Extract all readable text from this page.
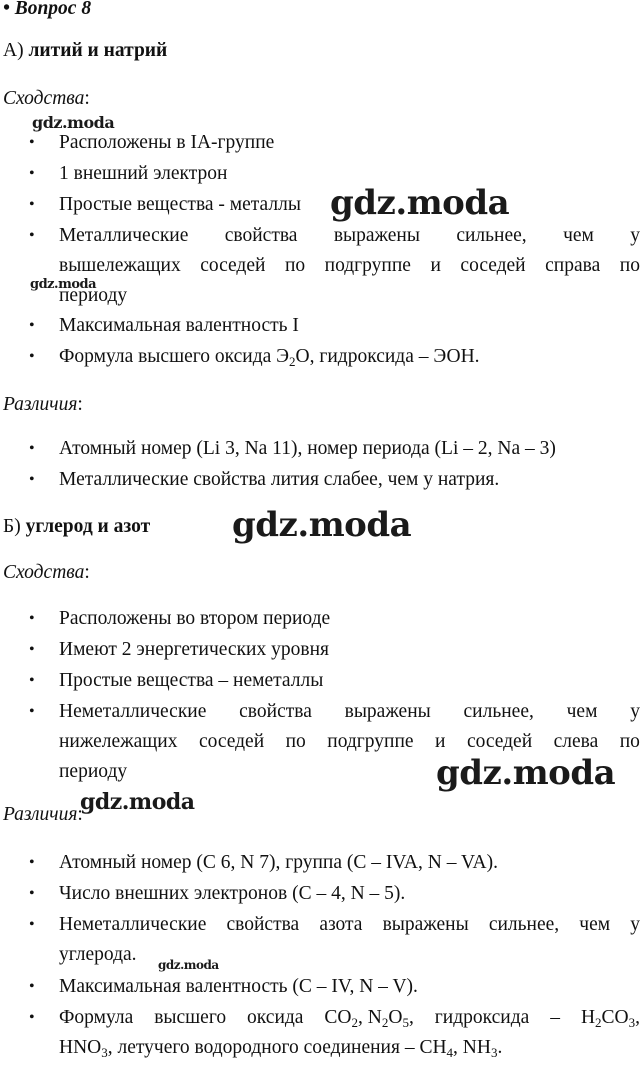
• Вопрос 8
А) литий и натрий
Сходства:
• Расположены в IA-группе
• 1 внешний электрон
• Простые вещества - металлы
• Металлические свойства выражены сильнее, чем у
вышележащих соседей по подгруппе и соседей справа по
периоду
• Максимальная валентность I
• Формула высшего оксида $Э_2О$, гидроксида – ЭОН.
Различия:
• Атомный номер (Li 3, Na 11), номер периода (Li – 2, Na – 3)
• Металлические свойства лития слабее, чем у натрия.
Б) углерод и азот
Сходства:
• Расположены во втором периоде
• Имеют 2 энергетических уровня
• Простые вещества – неметаллы
• Неметаллические свойства выражены сильнее, чем у
нижележащих соседей по подгруппе и соседей слева по
периоду
Различия:
• Атомный номер (C 6, N 7), группа (C – IVA, N – VA).
• Число внешних электронов (C – 4, N – 5).
• Неметаллические свойства азота выражены сильнее, чем у
углерода.
• Максимальная валентность (C – IV, N – V).
• Формула высшего оксида $CO_2$, $N_2O_5$, гидроксида – $H_2CO_3$,
$HNO_3$, летучего водородного соединения – $CH_4$, $NH_3$.
gdz.moda
gdz.moda
gdz.moda
gdz.moda
gdz.moda
gdz.moda
gdz.moda
